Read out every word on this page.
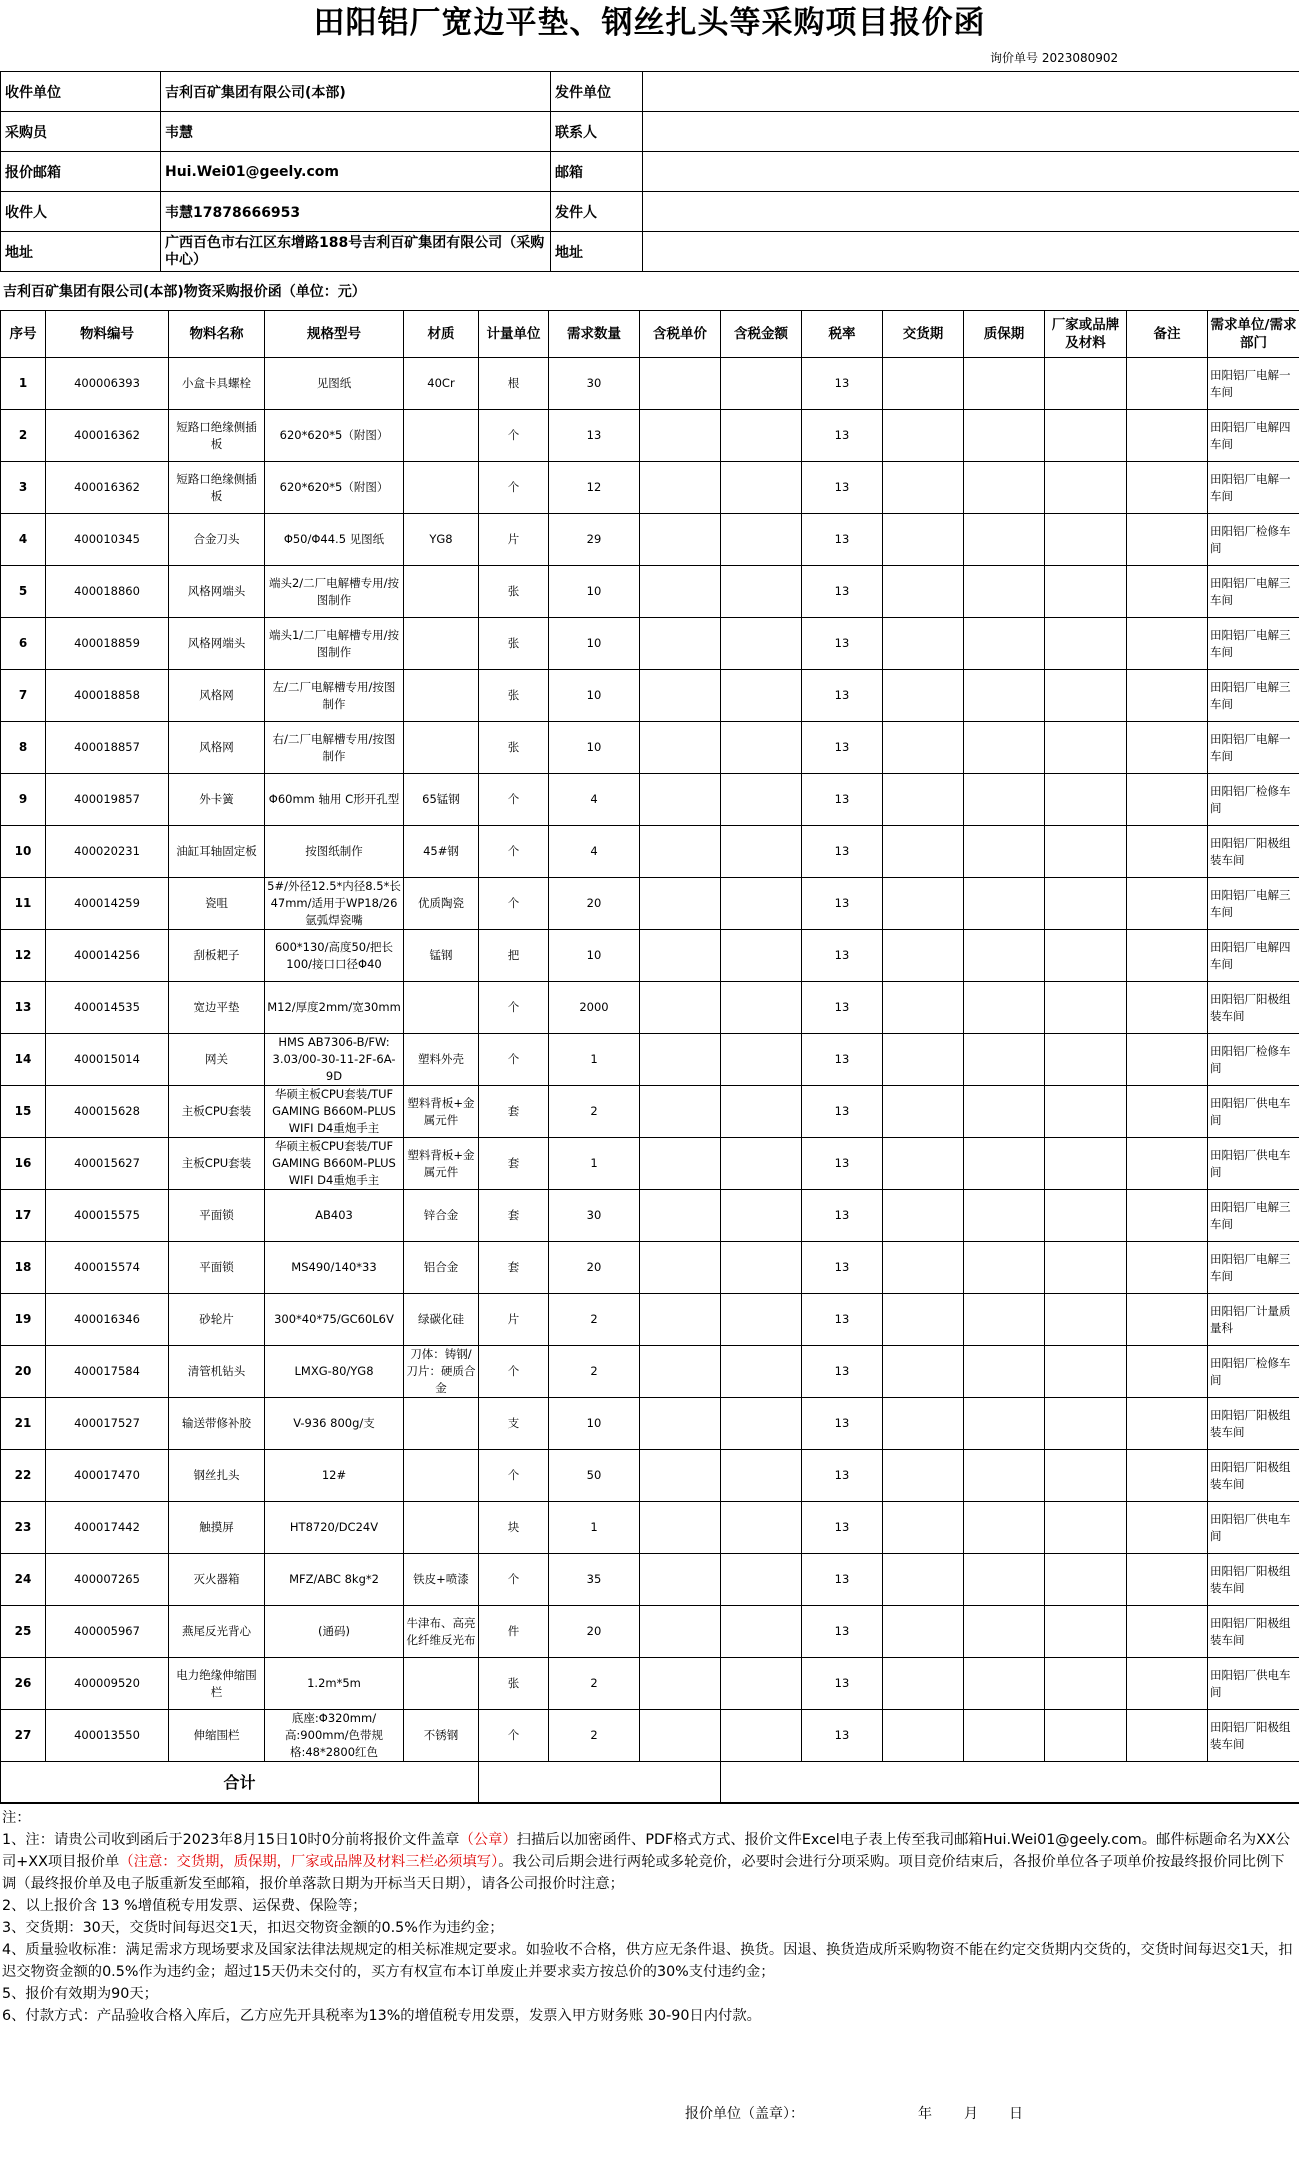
田阳铝厂宽边平垫、钢丝扎头等采购项目报价函
询价单号 2023080902
收件单位	吉利百矿集团有限公司(本部)	发件单位	
采购员	韦慧	联系人	
报价邮箱	Hui.Wei01@geely.com	邮箱	
收件人	韦慧17878666953	发件人	
地址	广西百色市右江区东增路188号吉利百矿集团有限公司（采购中心）	地址	
吉利百矿集团有限公司(本部)物资采购报价函（单位：元）
序号	物料编号	物料名称	规格型号	材质	计量单位	需求数量	含税单价	含税金额	税率	交货期	质保期	厂家或品牌及材料	备注	需求单位/需求部门
1	400006393	小盒卡具螺栓	见图纸	40Cr	根	30			13					田阳铝厂电解一车间
2	400016362	短路口绝缘侧插板	620*620*5（附图）		个	13			13					田阳铝厂电解四车间
3	400016362	短路口绝缘侧插板	620*620*5（附图）		个	12			13					田阳铝厂电解一车间
4	400010345	合金刀头	Φ50/Φ44.5 见图纸	YG8	片	29			13					田阳铝厂检修车间
5	400018860	风格网端头	端头2/二厂电解槽专用/按图制作		张	10			13					田阳铝厂电解三车间
6	400018859	风格网端头	端头1/二厂电解槽专用/按图制作		张	10			13					田阳铝厂电解三车间
7	400018858	风格网	左/二厂电解槽专用/按图制作		张	10			13					田阳铝厂电解三车间
8	400018857	风格网	右/二厂电解槽专用/按图制作		张	10			13					田阳铝厂电解一车间
9	400019857	外卡簧	Φ60mm 轴用 C形开孔型	65锰钢	个	4			13					田阳铝厂检修车间
10	400020231	油缸耳轴固定板	按图纸制作	45#钢	个	4			13					田阳铝厂阳极组装车间
11	400014259	瓷咀	5#/外径12.5*内径8.5*长47mm/适用于WP18/26氩弧焊瓷嘴	优质陶瓷	个	20			13					田阳铝厂电解三车间
12	400014256	刮板耙子	600*130/高度50/把长100/接口口径Φ40	锰钢	把	10			13					田阳铝厂电解四车间
13	400014535	宽边平垫	M12/厚度2mm/宽30mm		个	2000			13					田阳铝厂阳极组装车间
14	400015014	网关	HMS AB7306-B/FW: 3.03/00-30-11-2F-6A-9D	塑料外壳	个	1			13					田阳铝厂检修车间
15	400015628	主板CPU套装	华硕主板CPU套装/TUF GAMING B660M-PLUS WIFI D4重炮手主	塑料背板+金属元件	套	2			13					田阳铝厂供电车间
16	400015627	主板CPU套装	华硕主板CPU套装/TUF GAMING B660M-PLUS WIFI D4重炮手主	塑料背板+金属元件	套	1			13					田阳铝厂供电车间
17	400015575	平面锁	AB403	锌合金	套	30			13					田阳铝厂电解三车间
18	400015574	平面锁	MS490/140*33	铝合金	套	20			13					田阳铝厂电解三车间
19	400016346	砂轮片	300*40*75/GC60L6V	绿碳化硅	片	2			13					田阳铝厂计量质量科
20	400017584	清管机钻头	LMXG-80/YG8	刀体：铸钢/刀片：硬质合金	个	2			13					田阳铝厂检修车间
21	400017527	输送带修补胶	V-936 800g/支		支	10			13					田阳铝厂阳极组装车间
22	400017470	钢丝扎头	12#		个	50			13					田阳铝厂阳极组装车间
23	400017442	触摸屏	HT8720/DC24V		块	1			13					田阳铝厂供电车间
24	400007265	灭火器箱	MFZ/ABC 8kg*2	铁皮+喷漆	个	35			13					田阳铝厂阳极组装车间
25	400005967	燕尾反光背心	(通码)	牛津布、高亮化纤维反光布	件	20			13					田阳铝厂阳极组装车间
26	400009520	电力绝缘伸缩围栏	1.2m*5m		张	2			13					田阳铝厂供电车间
27	400013550	伸缩围栏	底座:Φ320mm/高:900mm/色带规格:48*2800红色	不锈钢	个	2			13					田阳铝厂阳极组装车间
合计														

注：

1、注：请贵公司收到函后于2023年8月15日10时0分前将报价文件盖章（公章）扫描后以加密函件、PDF格式方式、报价文件Excel电子表上传至我司邮箱Hui.Wei01@geely.com。邮件标题命名为XX公司+XX项目报价单（注意：交货期，质保期，厂家或品牌及材料三栏必须填写）。我公司后期会进行两轮或多轮竞价，必要时会进行分项采购。项目竞价结束后，各报价单位各子项单价按最终报价同比例下调（最终报价单及电子版重新发至邮箱，报价单落款日期为开标当天日期），请各公司报价时注意；

2、以上报价含 13 %增值税专用发票、运保费、保险等；

3、交货期：30天，交货时间每迟交1天，扣迟交物资金额的0.5%作为违约金；

4、质量验收标准：满足需求方现场要求及国家法律法规规定的相关标准规定要求。如验收不合格，供方应无条件退、换货。因退、换货造成所采购物资不能在约定交货期内交货的，交货时间每迟交1天，扣迟交物资金额的0.5%作为违约金；超过15天仍未交付的，买方有权宣布本订单废止并要求卖方按总价的30%支付违约金；

5、报价有效期为90天；

6、付款方式：产品验收合格入库后，乙方应先开具税率为13%的增值税专用发票，发票入甲方财务账 30-90日内付款。

报价单位（盖章）：	年 月 日
